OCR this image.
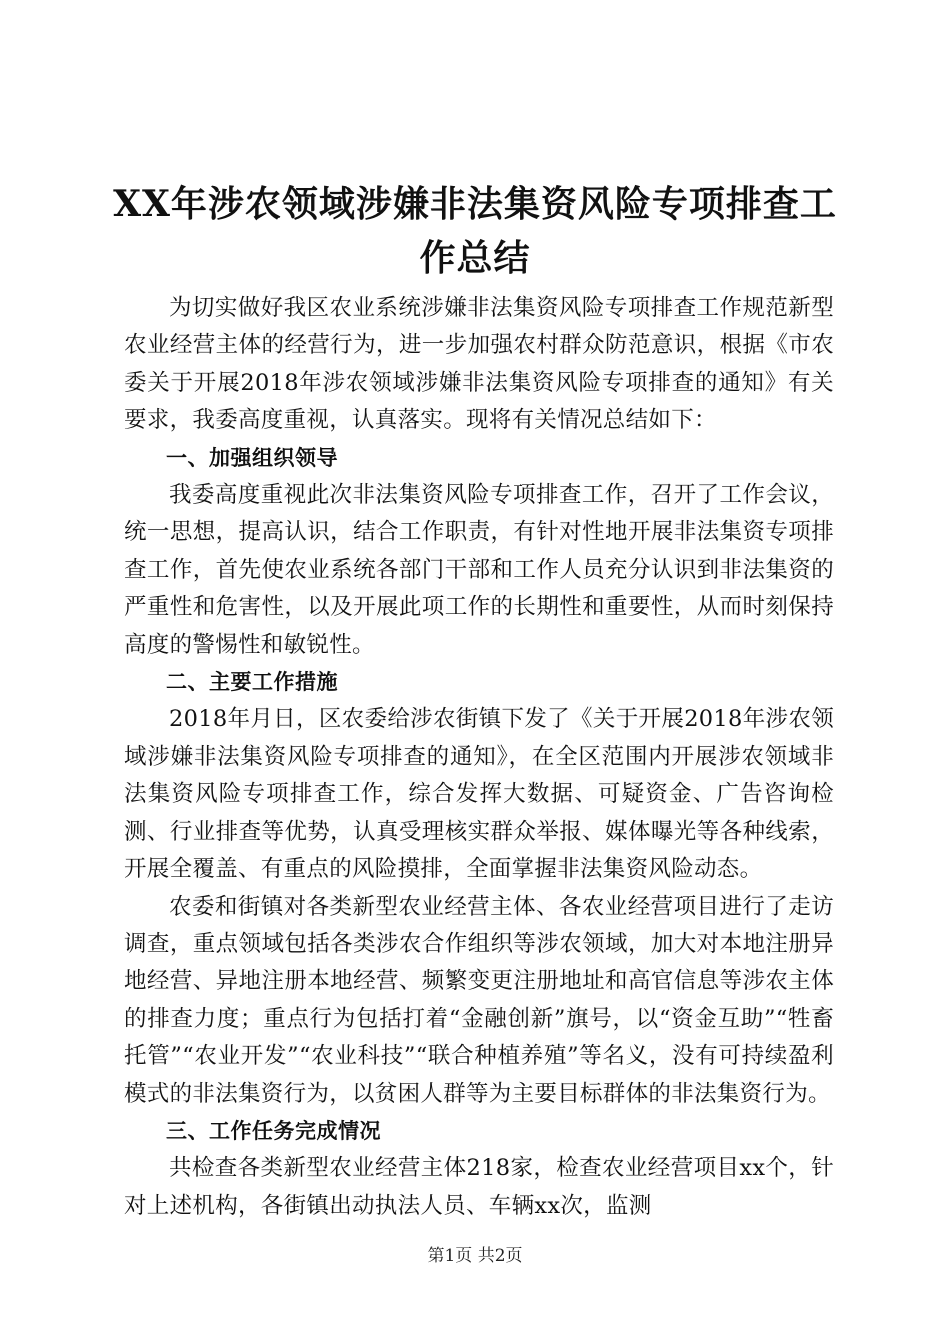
XX年涉农领域涉嫌非法集资风险专项排查工
作总结

为切实做好我区农业系统涉嫌非法集资风险专项排查工作规范新型农业经营主体的经营行为，进一步加强农村群众防范意识，根据《市农委关于开展2018年涉农领域涉嫌非法集资风险专项排查的通知》有关要求，我委高度重视，认真落实。现将有关情况总结如下：

一、加强组织领导

我委高度重视此次非法集资风险专项排查工作，召开了工作会议，统一思想，提高认识，结合工作职责，有针对性地开展非法集资专项排查工作，首先使农业系统各部门干部和工作人员充分认识到非法集资的严重性和危害性，以及开展此项工作的长期性和重要性，从而时刻保持高度的警惕性和敏锐性。

二、主要工作措施

2018年月日，区农委给涉农街镇下发了《关于开展2018年涉农领域涉嫌非法集资风险专项排查的通知》，在全区范围内开展涉农领域非法集资风险专项排查工作，综合发挥大数据、可疑资金、广告咨询检测、行业排查等优势，认真受理核实群众举报、媒体曝光等各种线索，开展全覆盖、有重点的风险摸排，全面掌握非法集资风险动态。

农委和街镇对各类新型农业经营主体、各农业经营项目进行了走访调查，重点领域包括各类涉农合作组织等涉农领域，加大对本地注册异地经营、异地注册本地经营、频繁变更注册地址和高官信息等涉农主体的排查力度；重点行为包括打着“金融创新”旗号，以“资金互助”“牲畜托管”“农业开发”“农业科技”“联合种植养殖”等名义，没有可持续盈利模式的非法集资行为，以贫困人群等为主要目标群体的非法集资行为。

三、工作任务完成情况

共检查各类新型农业经营主体218家，检查农业经营项目xx个，针对上述机构，各街镇出动执法人员、车辆xx次，监测

第1页 共2页
